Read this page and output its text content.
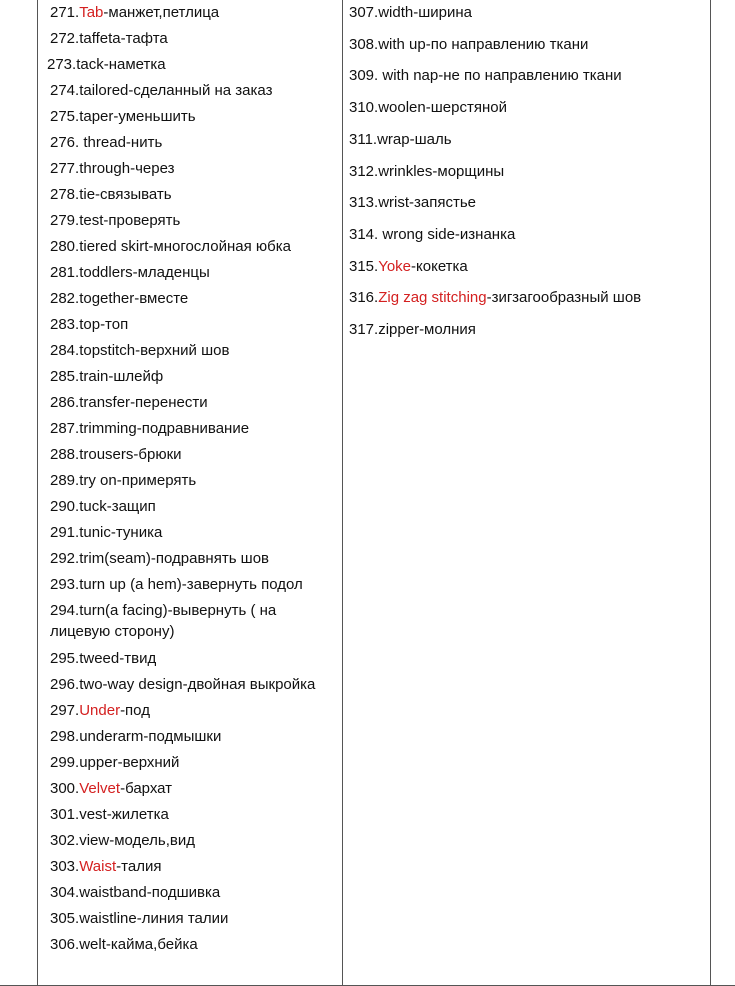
271.Tab-манжет,петлица
272.taffeta-тафта
273.tack-наметка
274.tailored-сделанный на заказ
275.taper-уменьшить
276. thread-нить
277.through-через
278.tie-связывать
279.test-проверять
280.tiered skirt-многослойная юбка
281.toddlers-младенцы
282.together-вместе
283.top-топ
284.topstitch-верхний шов
285.train-шлейф
286.transfer-перенести
287.trimming-подравнивание
288.trousers-брюки
289.try on-примерять
290.tuck-защип
291.tunic-туника
292.trim(seam)-подравнять шов
293.turn up (a hem)-завернуть подол
294.turn(a facing)-вывернуть ( на лицевую сторону)
295.tweed-твид
296.two-way design-двойная выкройка
297.Under-под
298.underarm-подмышки
299.upper-верхний
300.Velvet-бархат
301.vest-жилетка
302.view-модель,вид
303.Waist-талия
304.waistband-подшивка
305.waistline-линия талии
306.welt-кайма,бейка
307.width-ширина
308.with up-по направлению ткани
309. with nap-не по направлению ткани
310.woolen-шерстяной
311.wrap-шаль
312.wrinkles-морщины
313.wrist-запястье
314. wrong side-изнанка
315.Yoke-кокетка
316.Zig zag stitching-зигзагообразный шов
317.zipper-молния
